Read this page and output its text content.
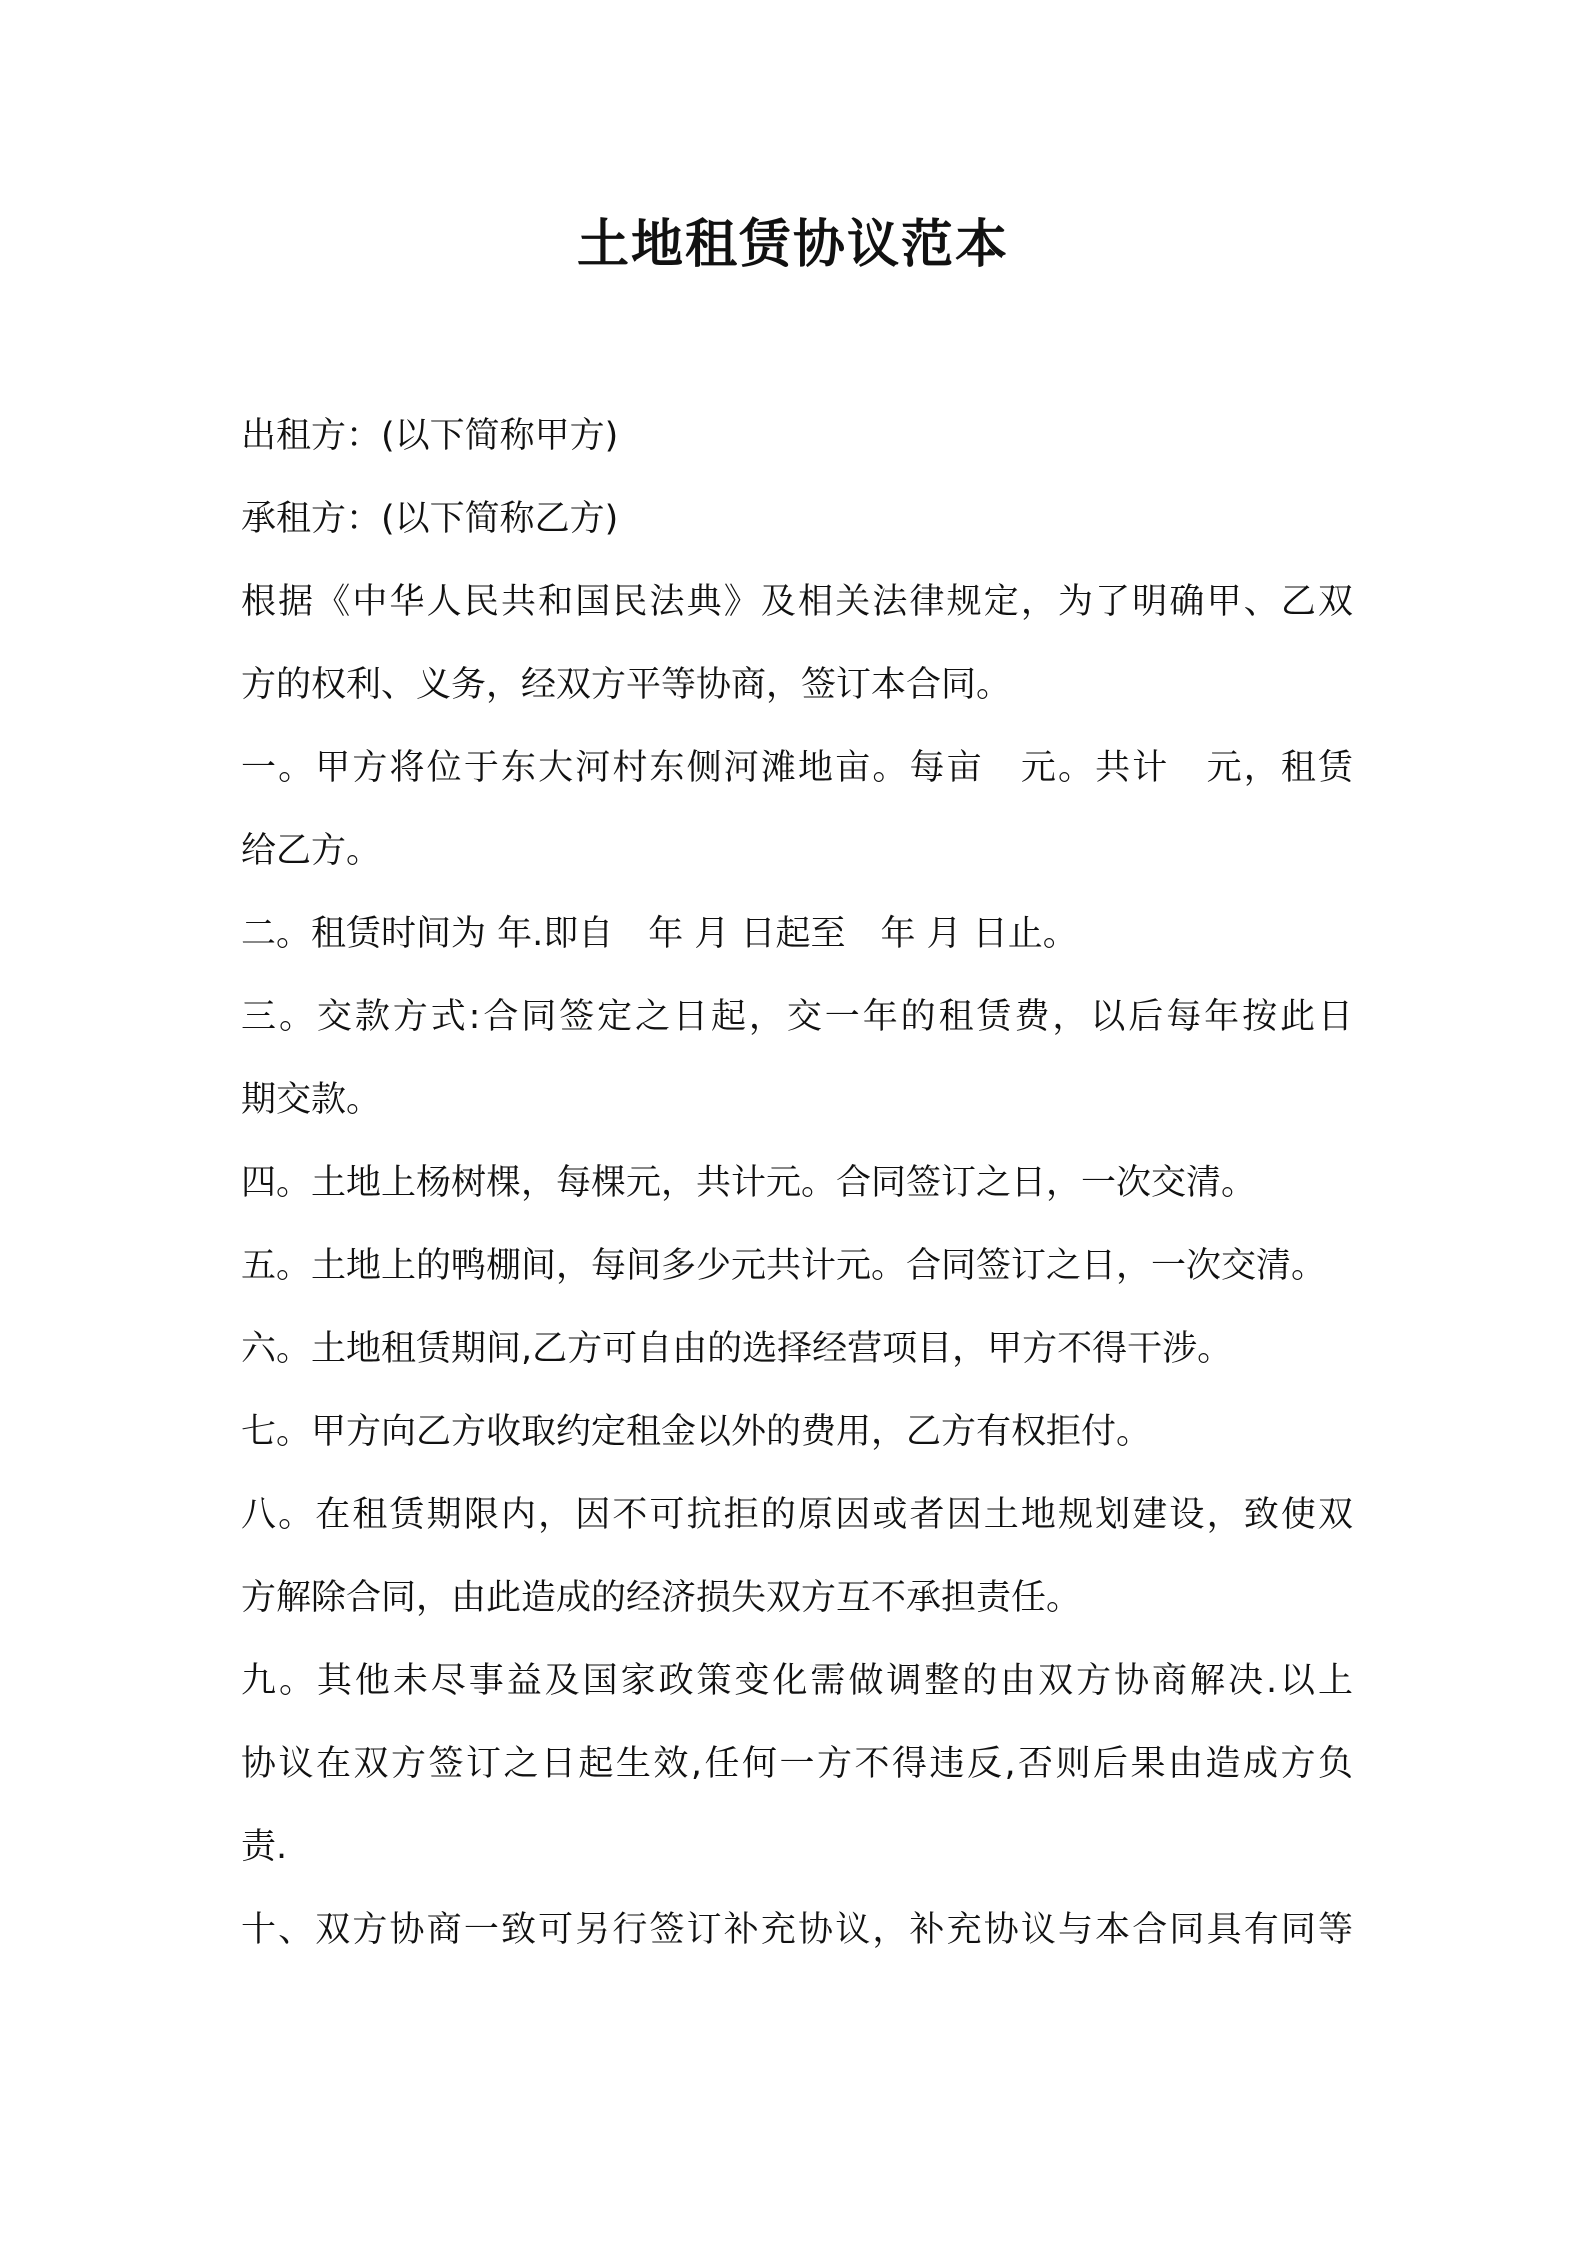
土地租赁协议范本
出租方：(以下简称甲方)
承租方：(以下简称乙方)
根据《中华人民共和国民法典》及相关法律规定，为了明确甲、乙双
方的权利、义务，经双方平等协商，签订本合同。
一。甲方将位于东大河村东侧河滩地亩。每亩　元。共计　元，租赁
给乙方。
二。租赁时间为 年.即自　年 月 日起至　年 月 日止。
三。交款方式:合同签定之日起，交一年的租赁费，以后每年按此日
期交款。
四。土地上杨树棵，每棵元，共计元。合同签订之日，一次交清。
五。土地上的鸭棚间，每间多少元共计元。合同签订之日，一次交清。
六。土地租赁期间,乙方可自由的选择经营项目，甲方不得干涉。
七。甲方向乙方收取约定租金以外的费用，乙方有权拒付。
八。在租赁期限内，因不可抗拒的原因或者因土地规划建设，致使双
方解除合同，由此造成的经济损失双方互不承担责任。
九。其他未尽事益及国家政策变化需做调整的由双方协商解决.以上
协议在双方签订之日起生效,任何一方不得违反,否则后果由造成方负
责.
十、双方协商一致可另行签订补充协议，补充协议与本合同具有同等
